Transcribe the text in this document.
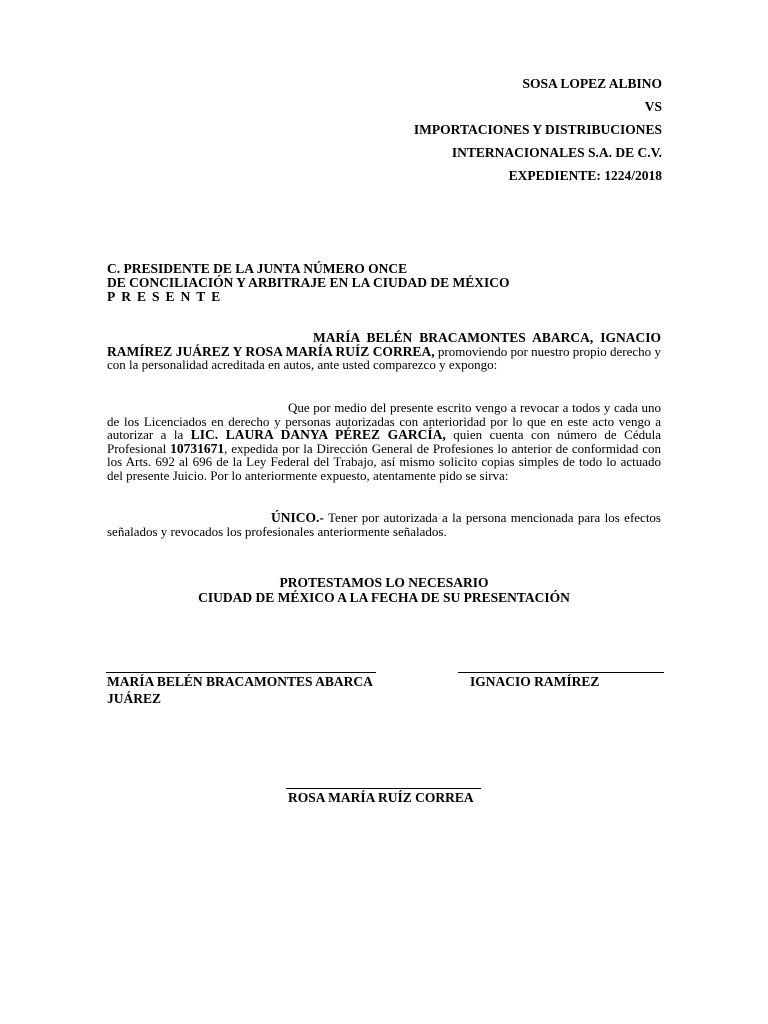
SOSA LOPEZ ALBINO
VS
IMPORTACIONES Y DISTRIBUCIONES
INTERNACIONALES S.A. DE C.V.
EXPEDIENTE: 1224/2018
C. PRESIDENTE DE LA JUNTA NÚMERO ONCE
DE CONCILIACIÓN Y ARBITRAJE EN LA CIUDAD DE MÉXICO
PRESENTE
MARÍA BELÉN BRACAMONTES ABARCA, IGNACIO RAMÍREZ JUÁREZ Y ROSA MARÍA RUÍZ CORREA, promoviendo por nuestro propio derecho y con la personalidad acreditada en autos, ante usted comparezco y expongo:
Que por medio del presente escrito vengo a revocar a todos y cada uno de los Licenciados en derecho y personas autorizadas con anterioridad por lo que en este acto vengo a autorizar a la LIC. LAURA DANYA PÉREZ GARCÍA, quien cuenta con número de Cédula Profesional 10731671, expedida por la Dirección General de Profesiones lo anterior de conformidad con los Arts. 692 al 696 de la Ley Federal del Trabajo, así mismo solicito copias simples de todo lo actuado del presente Juicio. Por lo anteriormente expuesto, atentamente pido se sirva:
ÚNICO.- Tener por autorizada a la persona mencionada para los efectos señalados y revocados los profesionales anteriormente señalados.
PROTESTAMOS LO NECESARIO
CIUDAD DE MÉXICO A LA FECHA DE SU PRESENTACIÓN
MARÍA BELÉN BRACAMONTES ABARCA
JUÁREZ
IGNACIO RAMÍREZ
ROSA MARÍA RUÍZ CORREA
